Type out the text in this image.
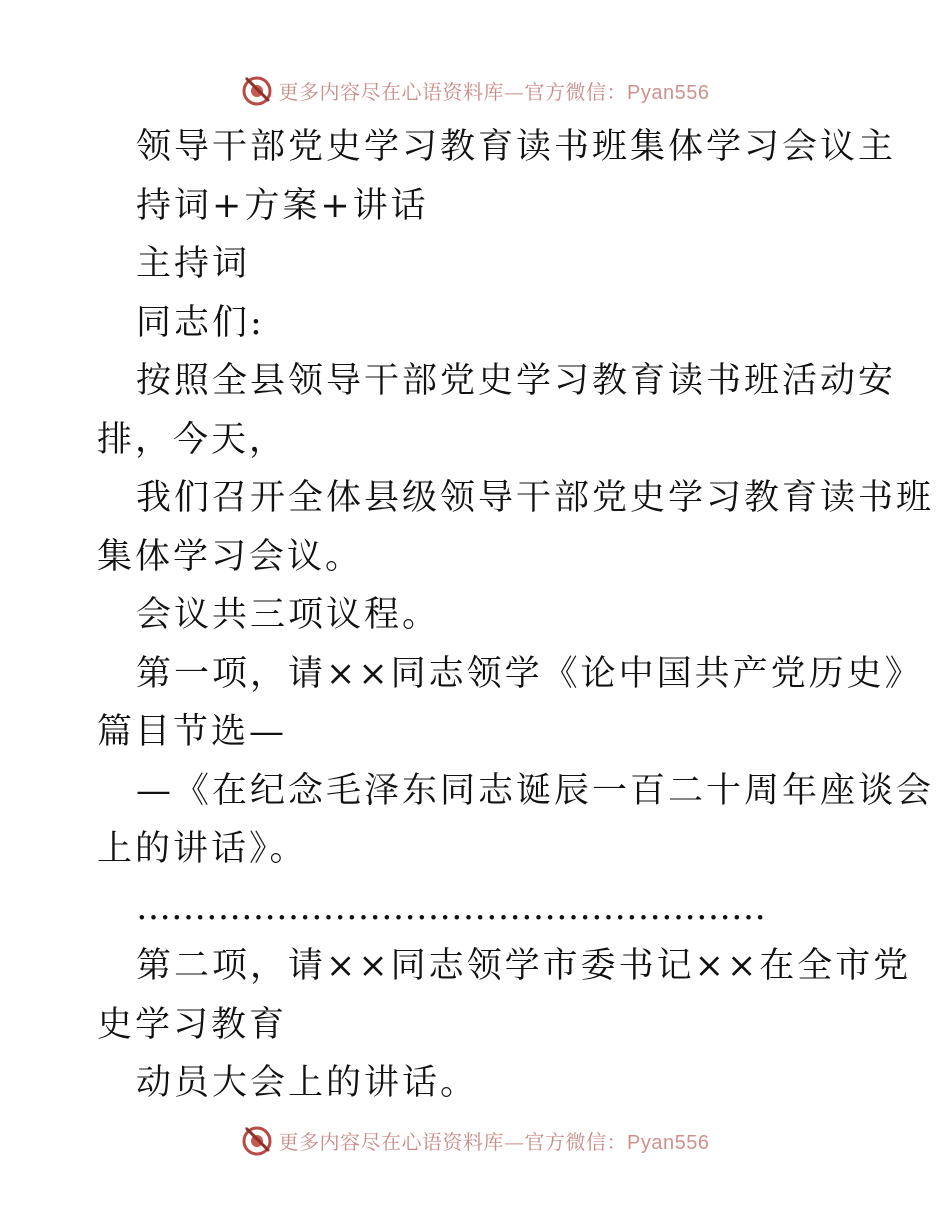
更多内容尽在心语资料库—官方微信：Pyan556
领导干部党史学习教育读书班集体学习会议主
持词+方案+讲话
主持词
同志们:
按照全县领导干部党史学习教育读书班活动安
排，今天，
我们召开全体县级领导干部党史学习教育读书班
集体学习会议。
会议共三项议程。
第一项，请××同志领学《论中国共产党历史》
篇目节选—
—《在纪念毛泽东同志诞辰一百二十周年座谈会
上的讲话》。
………………………………………………
第二项，请××同志领学市委书记××在全市党
史学习教育
动员大会上的讲话。
更多内容尽在心语资料库—官方微信：Pyan556
